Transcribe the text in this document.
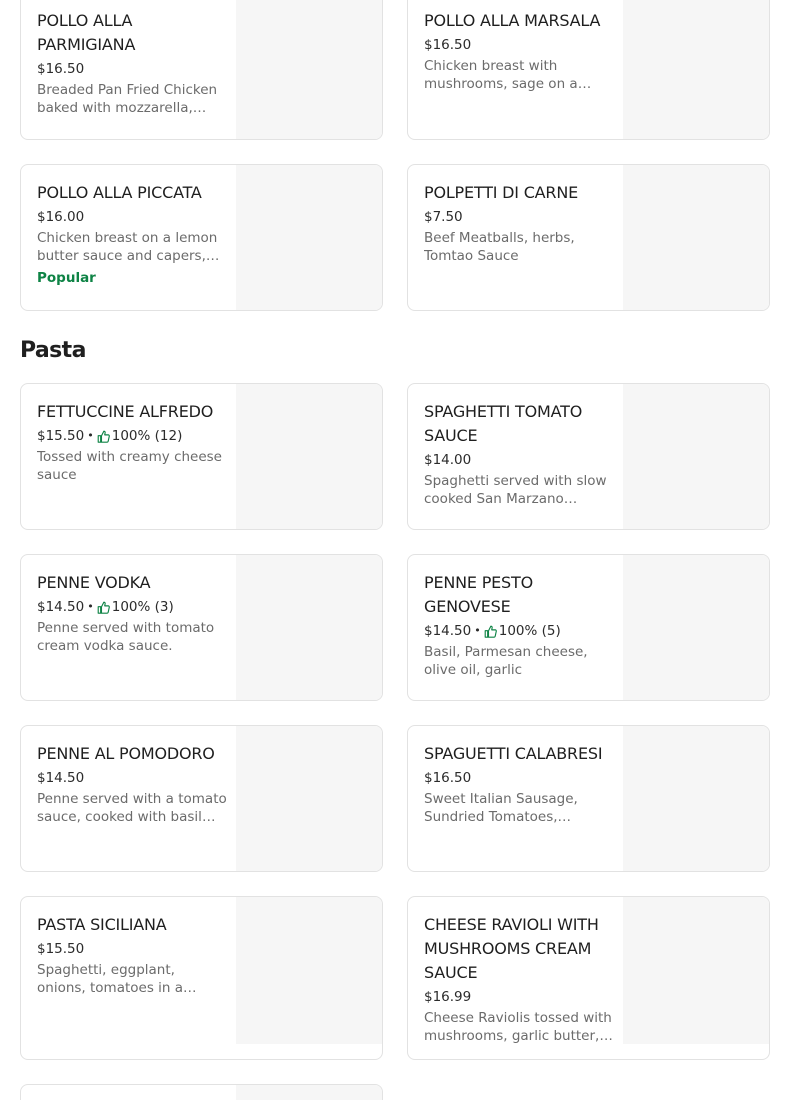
POLLO ALLA PARMIGIANA
$16.50
Breaded Pan Fried Chicken baked with mozzarella,
POLLO ALLA MARSALA
$16.50
Chicken breast with mushrooms, sage on a
POLLO ALLA PICCATA
$16.00
Chicken breast on a lemon butter sauce and capers,
Popular
POLPETTI DI CARNE
$7.50
Beef Meatballs, herbs, Tomtao Sauce
Pasta
FETTUCCINE ALFREDO
$15.50 • 100% (12)
Tossed with creamy cheese sauce
SPAGHETTI TOMATO SAUCE
$14.00
Spaghetti served with slow cooked San Marzano
PENNE VODKA
$14.50 • 100% (3)
Penne served with tomato cream vodka sauce.
PENNE PESTO GENOVESE
$14.50 • 100% (5)
Basil, Parmesan cheese, olive oil, garlic
PENNE AL POMODORO
$14.50
Penne served with a tomato sauce, cooked with basil
SPAGUETTI CALABRESI
$16.50
Sweet Italian Sausage, Sundried Tomatoes,
PASTA SICILIANA
$15.50
Spaghetti, eggplant, onions, tomatoes in a
CHEESE RAVIOLI WITH MUSHROOMS CREAM SAUCE
$16.99
Cheese Raviolis tossed with mushrooms, garlic butter,
